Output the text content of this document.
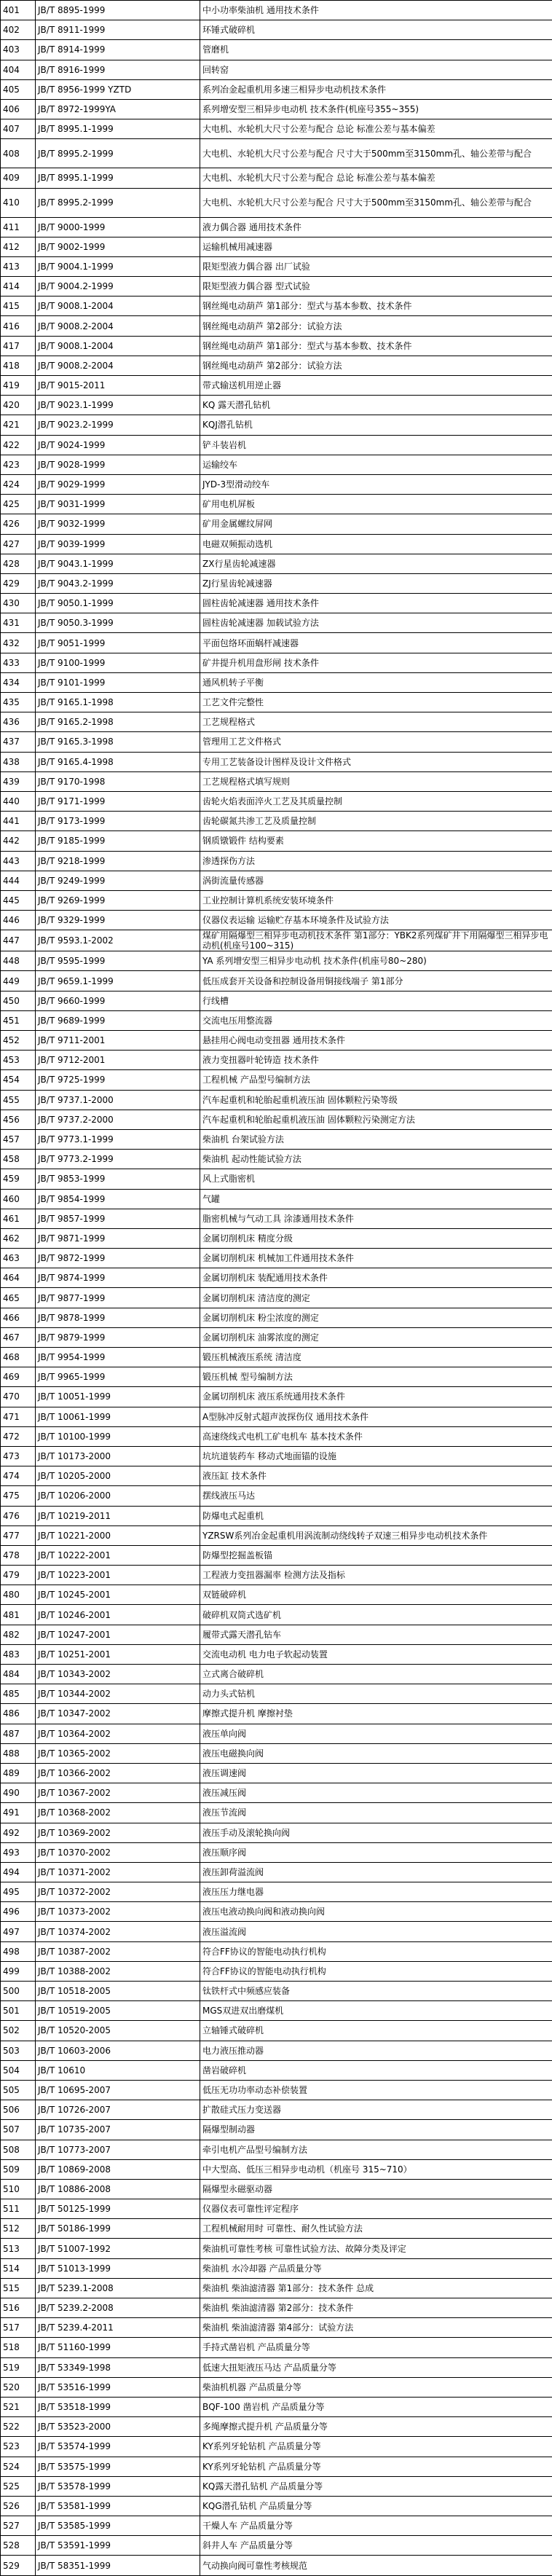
401	JB/T 8895-1999	中小功率柴油机 通用技术条件
402	JB/T 8911-1999	环锤式破碎机
403	JB/T 8914-1999	管磨机
404	JB/T 8916-1999	回转窑
405	JB/T 8956-1999 YZTD	系列冶金起重机用多速三相异步电动机技术条件
406	JB/T 8972-1999YA	系列增安型三相异步电动机 技术条件(机座号355~355)
407	JB/T 8995.1-1999	大电机、水轮机大尺寸公差与配合 总论 标准公差与基本偏差
408	JB/T 8995.2-1999	大电机、水轮机大尺寸公差与配合 尺寸大于500mm至3150mm孔、轴公差带与配合
409	JB/T 8995.1-1999	大电机、水轮机大尺寸公差与配合 总论 标准公差与基本偏差
410	JB/T 8995.2-1999	大电机、水轮机大尺寸公差与配合 尺寸大于500mm至3150mm孔、轴公差带与配合
411	JB/T 9000-1999	液力偶合器 通用技术条件
412	JB/T 9002-1999	运输机械用减速器
413	JB/T 9004.1-1999	限矩型液力偶合器 出厂试验
414	JB/T 9004.2-1999	限矩型液力偶合器 型式试验
415	JB/T 9008.1-2004	钢丝绳电动葫芦 第1部分：型式与基本参数、技术条件
416	JB/T 9008.2-2004	钢丝绳电动葫芦 第2部分：试验方法
417	JB/T 9008.1-2004	钢丝绳电动葫芦 第1部分：型式与基本参数、技术条件
418	JB/T 9008.2-2004	钢丝绳电动葫芦 第2部分：试验方法
419	JB/T 9015-2011	带式输送机用逆止器
420	JB/T 9023.1-1999	KQ 露天潜孔钻机
421	JB/T 9023.2-1999	KQJ潜孔钻机
422	JB/T 9024-1999	铲斗装岩机
423	JB/T 9028-1999	运输绞车
424	JB/T 9029-1999	JYD-3型滑动绞车
425	JB/T 9031-1999	矿用电机屏板
426	JB/T 9032-1999	矿用金属螺纹屏网
427	JB/T 9039-1999	电磁双频振动选机
428	JB/T 9043.1-1999	ZX行星齿轮减速器
429	JB/T 9043.2-1999	ZJ行星齿轮减速器
430	JB/T 9050.1-1999	圆柱齿轮减速器 通用技术条件
431	JB/T 9050.3-1999	圆柱齿轮减速器 加载试验方法
432	JB/T 9051-1999	平面包络环面蜗杆减速器
433	JB/T 9100-1999	矿井提升机用盘形闸 技术条件
434	JB/T 9101-1999	通风机转子平衡
435	JB/T 9165.1-1998	工艺文件完整性
436	JB/T 9165.2-1998	工艺规程格式
437	JB/T 9165.3-1998	管理用工艺文件格式
438	JB/T 9165.4-1998	专用工艺装备设计图样及设计文件格式
439	JB/T 9170-1998	工艺规程格式填写规则
440	JB/T 9171-1999	齿轮火焰表面淬火工艺及其质量控制
441	JB/T 9173-1999	齿轮碳氮共渗工艺及质量控制
442	JB/T 9185-1999	钢质镦锻件 结构要素
443	JB/T 9218-1999	渗透探伤方法
444	JB/T 9249-1999	涡街流量传感器
445	JB/T 9269-1999	工业控制计算机系统安装环境条件
446	JB/T 9329-1999	仪器仪表运输 运输贮存基本环境条件及试验方法
447	JB/T 9593.1-2002	煤矿用隔爆型三相异步电动机技术条件 第1部分：YBK2系列煤矿井下用隔爆型三相异步电动机(机座号100~315)
448	JB/T 9595-1999	YA 系列增安型三相异步电动机 技术条件(机座号80~280)
449	JB/T 9659.1-1999	低压成套开关设备和控制设备用铜接线端子 第1部分
450	JB/T 9660-1999	行线槽
451	JB/T 9689-1999	交流电压用整流器
452	JB/T 9711-2001	悬挂用心阀电动变扭器 通用技术条件
453	JB/T 9712-2001	液力变扭器叶轮铸造 技术条件
454	JB/T 9725-1999	工程机械 产品型号编制方法
455	JB/T 9737.1-2000	汽车起重机和轮胎起重机液压油 固体颗粒污染等级
456	JB/T 9737.2-2000	汽车起重机和轮胎起重机液压油 固体颗粒污染测定方法
457	JB/T 9773.1-1999	柴油机 台架试验方法
458	JB/T 9773.2-1999	柴油机 起动性能试验方法
459	JB/T 9853-1999	风上式脂密机
460	JB/T 9854-1999	气罐
461	JB/T 9857-1999	脂密机械与气动工具 涂漆通用技术条件
462	JB/T 9871-1999	金属切削机床 精度分级
463	JB/T 9872-1999	金属切削机床 机械加工件通用技术条件
464	JB/T 9874-1999	金属切削机床 装配通用技术条件
465	JB/T 9877-1999	金属切削机床 清洁度的测定
466	JB/T 9878-1999	金属切削机床 粉尘浓度的测定
467	JB/T 9879-1999	金属切削机床 油雾浓度的测定
468	JB/T 9954-1999	锻压机械液压系统 清洁度
469	JB/T 9965-1999	锻压机械 型号编制方法
470	JB/T 10051-1999	金属切削机床 液压系统通用技术条件
471	JB/T 10061-1999	A型脉冲反射式超声波探伤仪 通用技术条件
472	JB/T 10100-1999	高速绕线式电机工矿电机车 基本技术条件
473	JB/T 10173-2000	坑坑道装药车 移动式地面锚的设施
474	JB/T 10205-2000	液压缸 技术条件
475	JB/T 10206-2000	摆线液压马达
476	JB/T 10219-2011	防爆电式起重机
477	JB/T 10221-2000	YZRSW系列冶金起重机用涡流制动绕线转子双速三相异步电动机技术条件
478	JB/T 10222-2001	防爆型挖掘盖板锚
479	JB/T 10223-2001	工程液力变扭器漏率 检测方法及指标
480	JB/T 10245-2001	双链破碎机
481	JB/T 10246-2001	破碎机双筒式选矿机
482	JB/T 10247-2001	履带式露天潜孔钻车
483	JB/T 10251-2001	交流电动机 电力电子软起动装置
484	JB/T 10343-2002	立式离合破碎机
485	JB/T 10344-2002	动力头式钻机
486	JB/T 10347-2002	摩擦式提升机 摩擦衬垫
487	JB/T 10364-2002	液压单向阀
488	JB/T 10365-2002	液压电磁换向阀
489	JB/T 10366-2002	液压调速阀
490	JB/T 10367-2002	液压减压阀
491	JB/T 10368-2002	液压节流阀
492	JB/T 10369-2002	液压手动及滚轮换向阀
493	JB/T 10370-2002	液压顺序阀
494	JB/T 10371-2002	液压卸荷溢流阀
495	JB/T 10372-2002	液压压力继电器
496	JB/T 10373-2002	液压电液动换向阀和液动换向阀
497	JB/T 10374-2002	液压溢流阀
498	JB/T 10387-2002	符合FF协议的智能电动执行机构
499	JB/T 10388-2002	符合FF协议的智能电动执行机构
500	JB/T 10518-2005	钛铁杆式中频感应装备
501	JB/T 10519-2005	MGS双进双出磨煤机
502	JB/T 10520-2005	立轴锤式破碎机
503	JB/T 10603-2006	电力液压推动器
504	JB/T 10610	凿岩破碎机
505	JB/T 10695-2007	低压无功功率动态补偿装置
506	JB/T 10726-2007	扩散硅式压力变送器
507	JB/T 10735-2007	隔爆型制动器
508	JB/T 10773-2007	牵引电机产品型号编制方法
509	JB/T 10869-2008	中大型高、低压三相异步电动机（机座号 315~710）
510	JB/T 10886-2008	隔爆型永磁驱动器
511	JB/T 50125-1999	仪器仪表可靠性评定程序
512	JB/T 50186-1999	工程机械耐用时 可靠性、耐久性试验方法
513	JB/T 51007-1992	柴油机可靠性考核 可靠性试验方法、故障分类及评定
514	JB/T 51013-1999	柴油机 水冷却器 产品质量分等
515	JB/T 5239.1-2008	柴油机 柴油滤清器 第1部分：技术条件 总成
516	JB/T 5239.2-2008	柴油机 柴油滤清器 第2部分：技术条件
517	JB/T 5239.4-2011	柴油机 柴油滤清器 第4部分：试验方法
518	JB/T 51160-1999	手持式凿岩机 产品质量分等
519	JB/T 53349-1998	低速大扭矩液压马达 产品质量分等
520	JB/T 53516-1999	柴油机机器 产品质量分等
521	JB/T 53518-1999	BQF-100 凿岩机 产品质量分等
522	JB/T 53523-2000	多绳摩擦式提升机 产品质量分等
523	JB/T 53574-1999	KY系列牙轮钻机 产品质量分等
524	JB/T 53575-1999	KY系列牙轮钻机 产品质量分等
525	JB/T 53578-1999	KQ露天潜孔钻机 产品质量分等
526	JB/T 53581-1999	KQG潜孔钻机 产品质量分等
527	JB/T 53585-1999	干燥人车 产品质量分等
528	JB/T 53591-1999	斜井人车 产品质量分等
529	JB/T 58351-1999	气动换向阀可靠性考核规范
